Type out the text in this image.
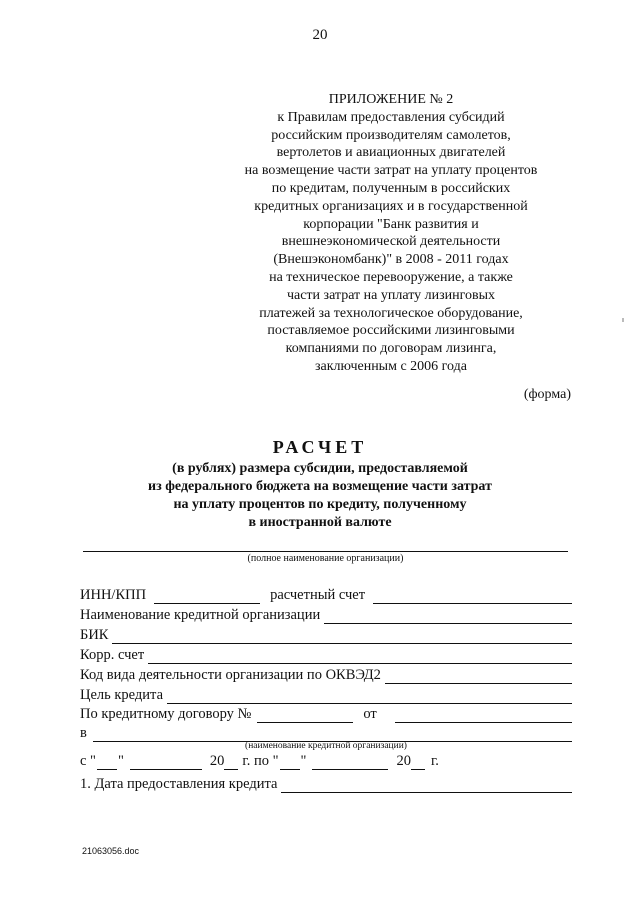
20
ПРИЛОЖЕНИЕ № 2
к Правилам предоставления субсидий
российским производителям самолетов,
вертолетов и авиационных двигателей
на возмещение части затрат на уплату процентов
по кредитам, полученным в российских
кредитных организациях и в государственной
корпорации "Банк развития и
внешнеэкономической деятельности
(Внешэкономбанк)" в 2008 - 2011 годах
на техническое перевооружение, а также
части затрат на уплату лизинговых
платежей за технологическое оборудование,
поставляемое российскими лизинговыми
компаниями по договорам лизинга,
заключенным с 2006 года
(форма)
РАСЧЕТ
(в рублях) размера субсидии, предоставляемой
из федерального бюджета на возмещение части затрат
на уплату процентов по кредиту, полученному
в иностранной валюте
(полное наименование организации)
ИНН/КПП	расчетный счет
Наименование кредитной организации
БИК
Корр. счет
Код вида деятельности организации по ОКВЭД2
Цель кредита
По кредитному договору №	от
в
(наименование кредитной организации)
с " "	20 г. по " "	20 г.
1. Дата предоставления кредита
21063056.doc
